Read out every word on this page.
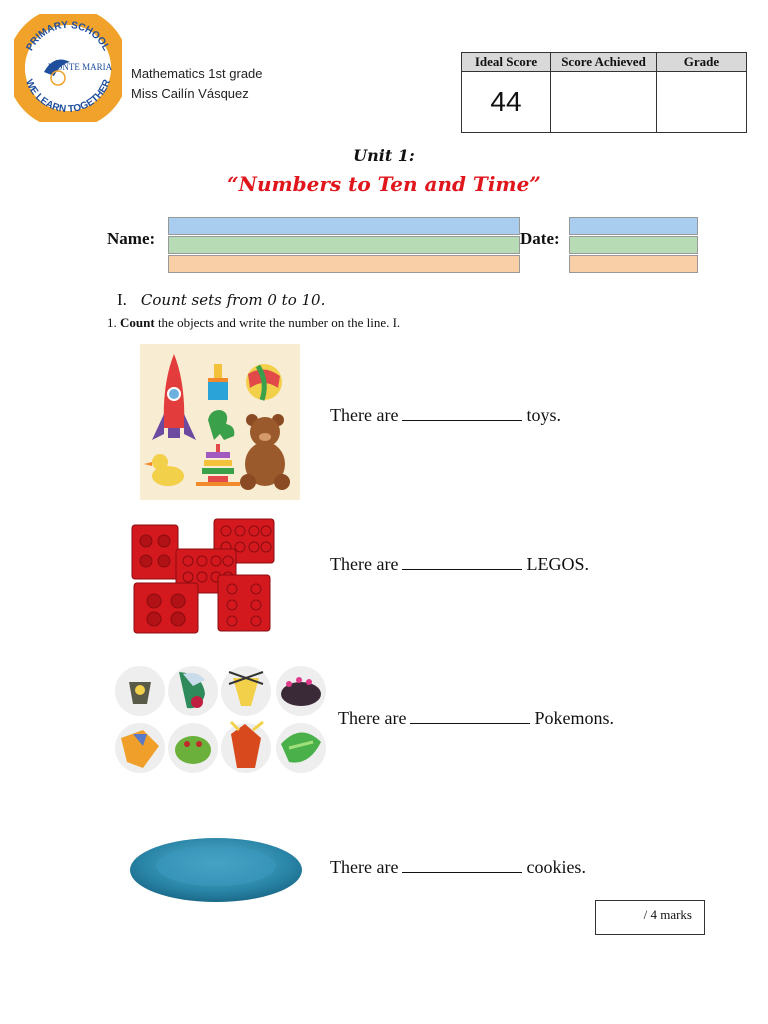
PRIMARY SCHOOL
WE LEARN TOGETHER
MONTE MARIA Mathematics 1st grade
Miss Cailín Vásquez
Ideal Score	Score Achieved	Grade
44		
Unit 1:
“Numbers to Ten and Time”
Name:	Date:
I. Count sets from 0 to 10.
1. Count the objects and write the number on the line. I.
There are	toys.
There are	LEGOS.
There are	Pokemons.
There are	cookies.
/ 4 marks
